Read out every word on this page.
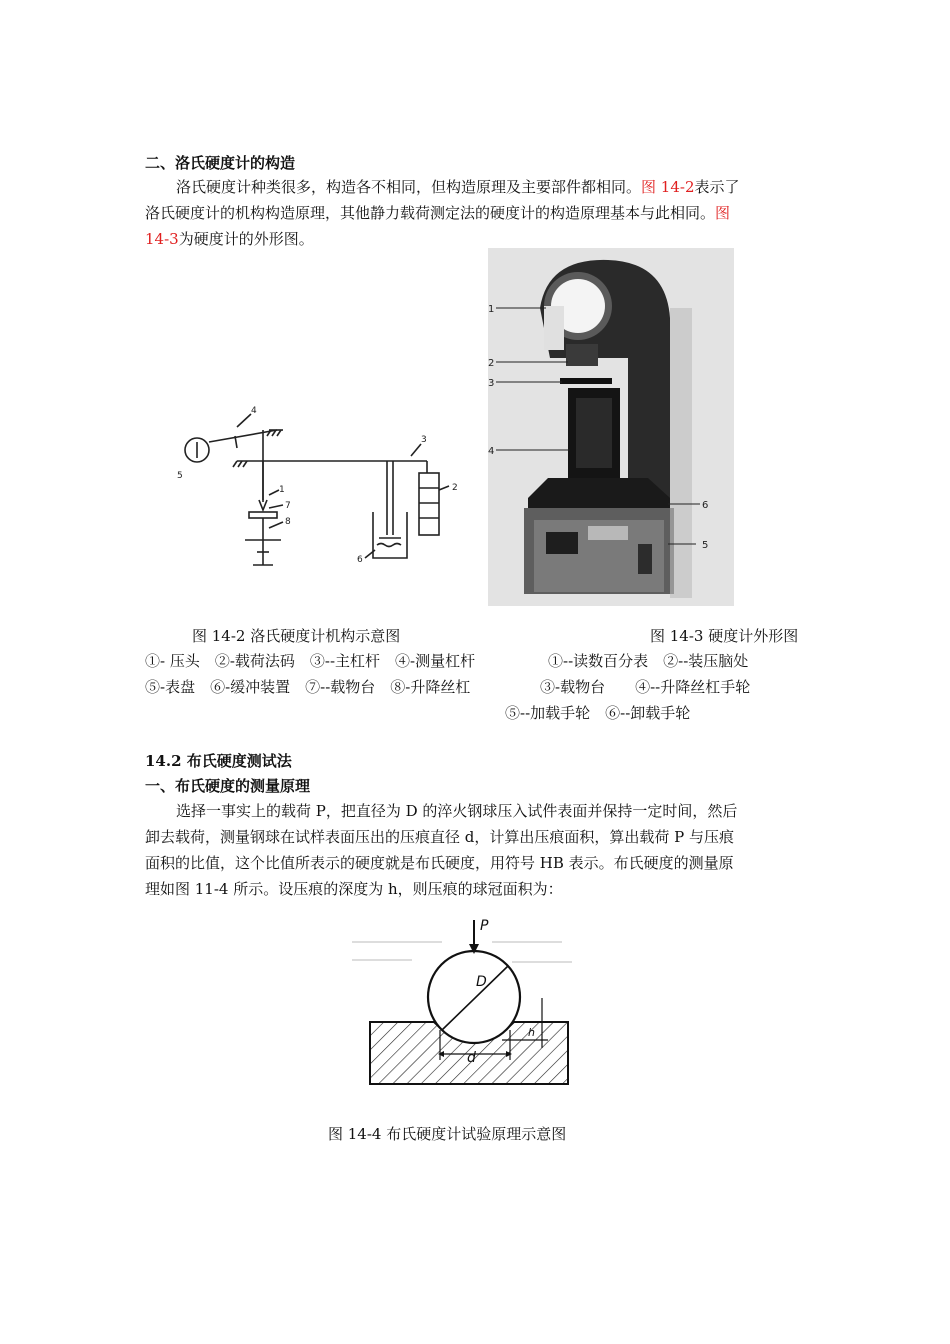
二、洛氏硬度计的构造
洛氏硬度计种类很多，构造各不相同，但构造原理及主要部件都相同。图 14-2表示了
洛氏硬度计的机构构造原理，其他静力载荷测定法的硬度计的构造原理基本与此相同。图
14-3为硬度计的外形图。
1	2
3
4
5
6
7
8
1
2
3
4
5
6
图 14-2 洛氏硬度计机构示意图	图 14-3 硬度计外形图
①- 压头　②-载荷法码　③--主杠杆　④-测量杠杆	①--读数百分表　②--装压脑处
⑤-表盘　⑥-缓冲装置　⑦--载物台　⑧-升降丝杠	③-载物台　　④--升降丝杠手轮
⑤--加载手轮　⑥--卸载手轮
14.2 布氏硬度测试法
一、布氏硬度的测量原理
选择一事实上的载荷 P，把直径为 D 的淬火钢球压入试件表面并保持一定时间，然后
卸去载荷，测量钢球在试样表面压出的压痕直径 d，计算出压痕面积，算出载荷 P 与压痕
面积的比值，这个比值所表示的硬度就是布氏硬度，用符号 HB 表示。布氏硬度的测量原
理如图 11-4 所示。设压痕的深度为 h，则压痕的球冠面积为：
P
D
d
h
图 14-4 布氏硬度计试验原理示意图
